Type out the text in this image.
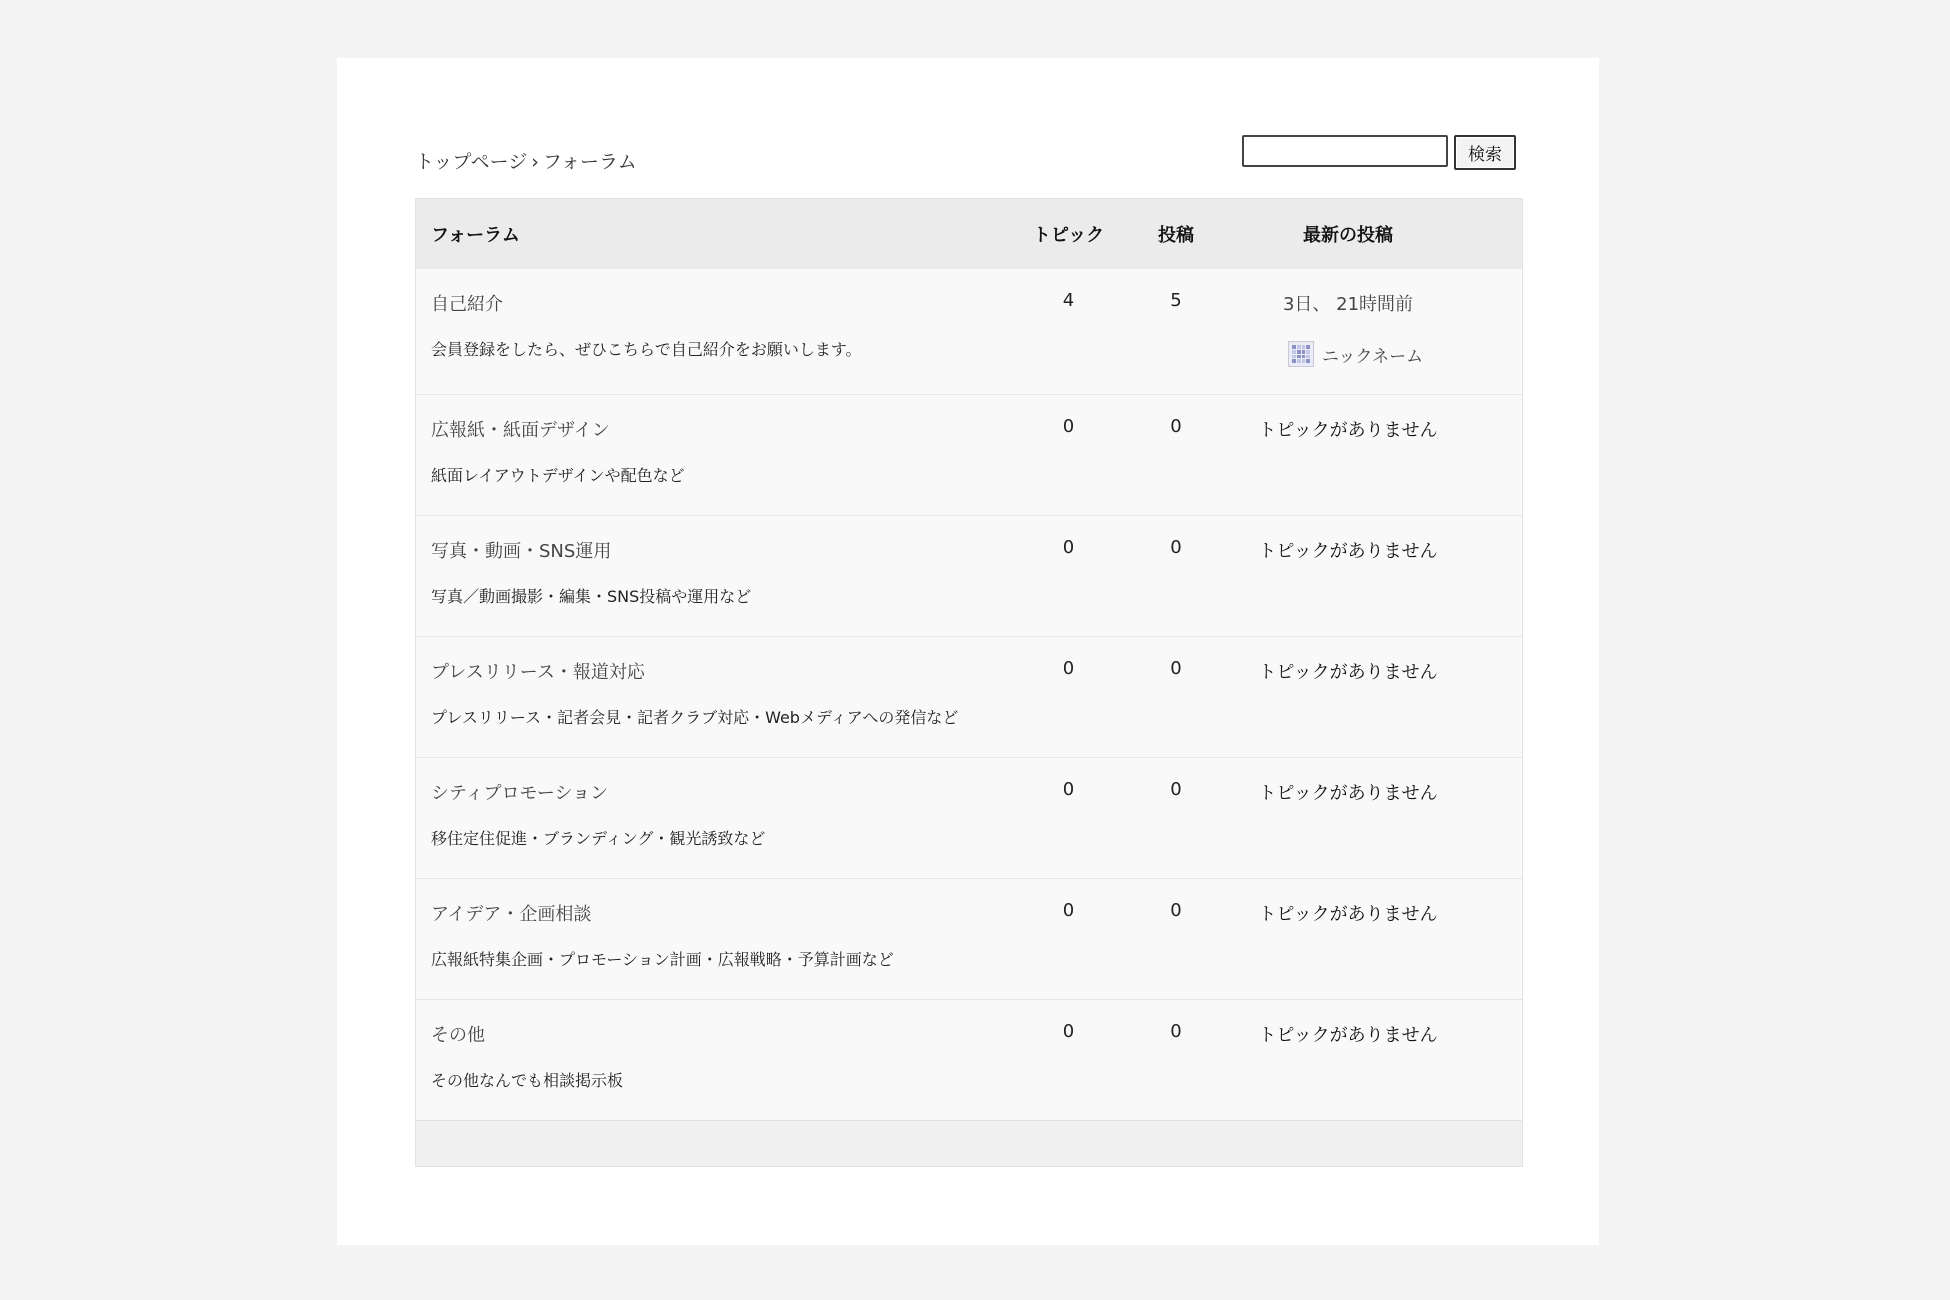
トップページ › フォーラム	検索
フォーラム	トピック	投稿	最新の投稿
自己紹介	4	5	3日、 21時間前
会員登録をしたら、ぜひこちらで自己紹介をお願いします。	ニックネーム
広報紙・紙面デザイン	0	0	トピックがありません
紙面レイアウトデザインや配色など
写真・動画・SNS運用	0	0	トピックがありません
写真／動画撮影・編集・SNS投稿や運用など
プレスリリース・報道対応	0	0	トピックがありません
プレスリリース・記者会見・記者クラブ対応・Webメディアへの発信など
シティプロモーション	0	0	トピックがありません
移住定住促進・ブランディング・観光誘致など
アイデア・企画相談	0	0	トピックがありません
広報紙特集企画・プロモーション計画・広報戦略・予算計画など
その他	0	0	トピックがありません
その他なんでも相談掲示板
